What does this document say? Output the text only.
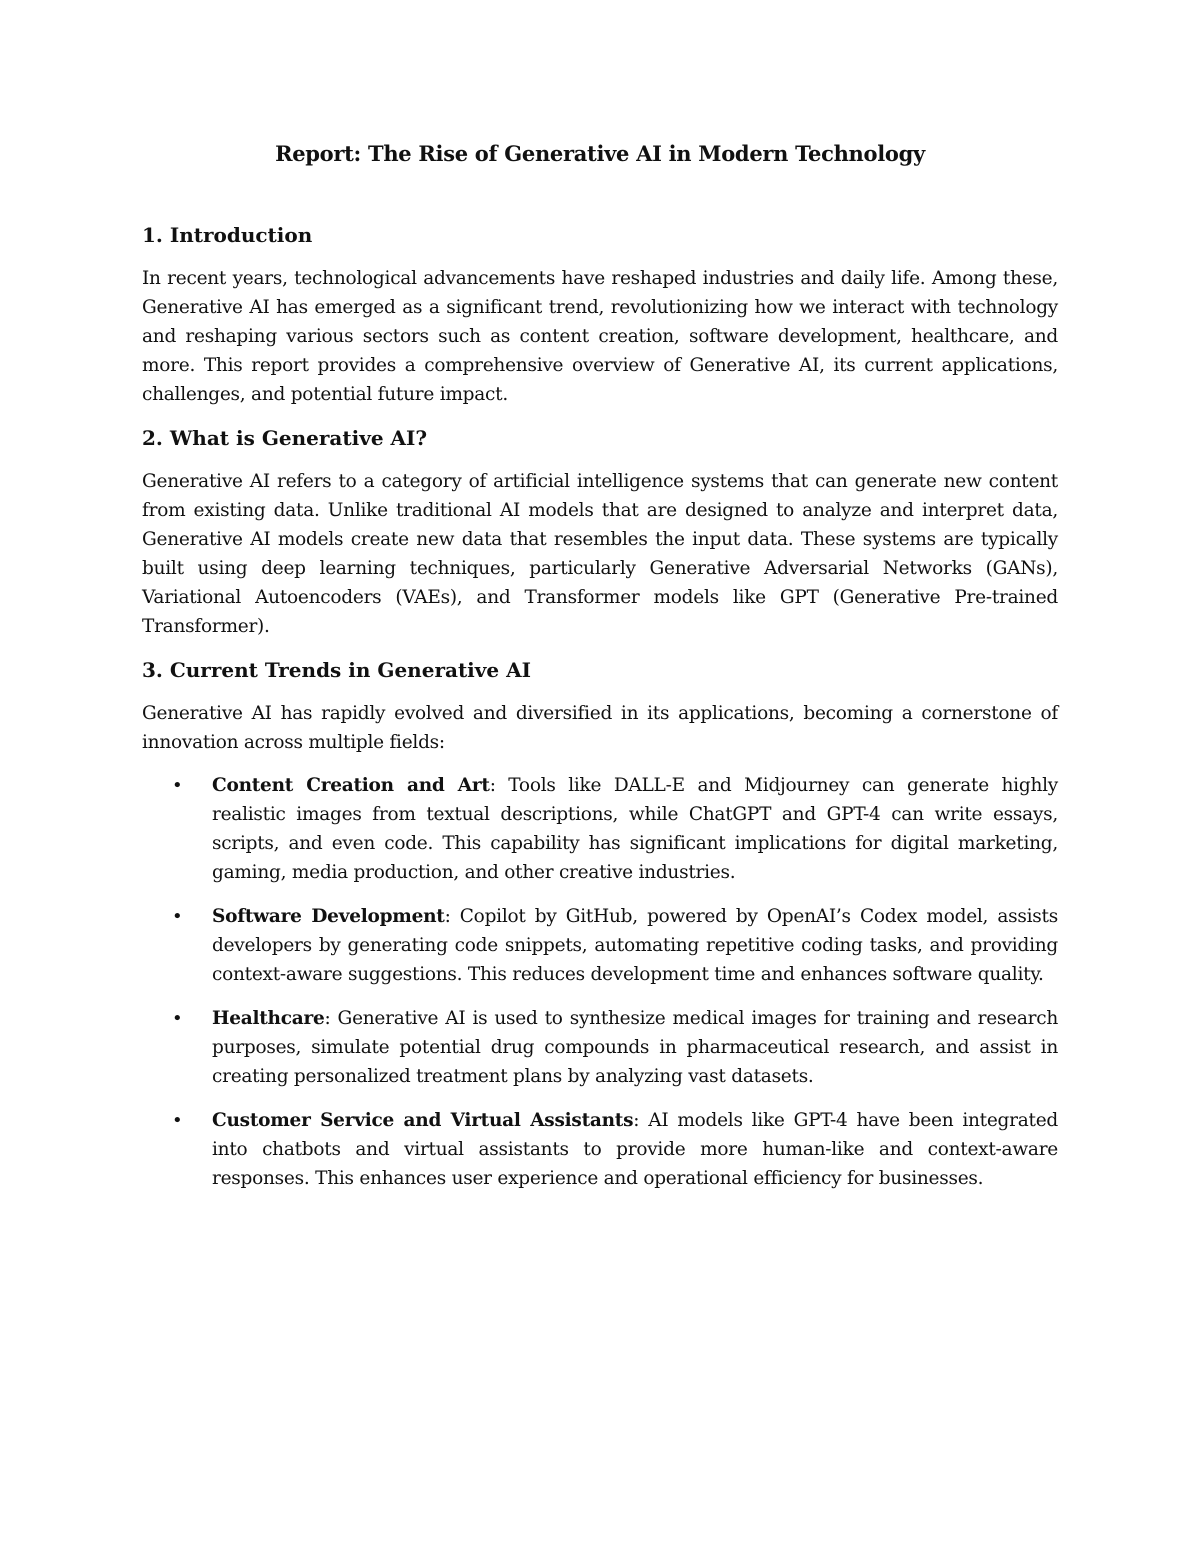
Report: The Rise of Generative AI in Modern Technology
1. Introduction

In recent years, technological advancements have reshaped industries and daily life. Among these, Generative AI has emerged as a significant trend, revolutionizing how we interact with technology and reshaping various sectors such as content creation, software development, healthcare, and more. This report provides a comprehensive overview of Generative AI, its current applications, challenges, and potential future impact.

2. What is Generative AI?

Generative AI refers to a category of artificial intelligence systems that can generate new content from existing data. Unlike traditional AI models that are designed to analyze and interpret data, Generative AI models create new data that resembles the input data. These systems are typically built using deep learning techniques, particularly Generative Adversarial Networks (GANs), Variational Autoencoders (VAEs), and Transformer models like GPT (Generative Pre-trained Transformer).

3. Current Trends in Generative AI

Generative AI has rapidly evolved and diversified in its applications, becoming a cornerstone of innovation across multiple fields:

• Content Creation and Art: Tools like DALL-E and Midjourney can generate highly realistic images from textual descriptions, while ChatGPT and GPT-4 can write essays, scripts, and even code. This capability has significant implications for digital marketing, gaming, media production, and other creative industries.
• Software Development: Copilot by GitHub, powered by OpenAI’s Codex model, assists developers by generating code snippets, automating repetitive coding tasks, and providing context-aware suggestions. This reduces development time and enhances software quality.
• Healthcare: Generative AI is used to synthesize medical images for training and research purposes, simulate potential drug compounds in pharmaceutical research, and assist in creating personalized treatment plans by analyzing vast datasets.
• Customer Service and Virtual Assistants: AI models like GPT-4 have been integrated into chatbots and virtual assistants to provide more human-like and context-aware responses. This enhances user experience and operational efficiency for businesses.
